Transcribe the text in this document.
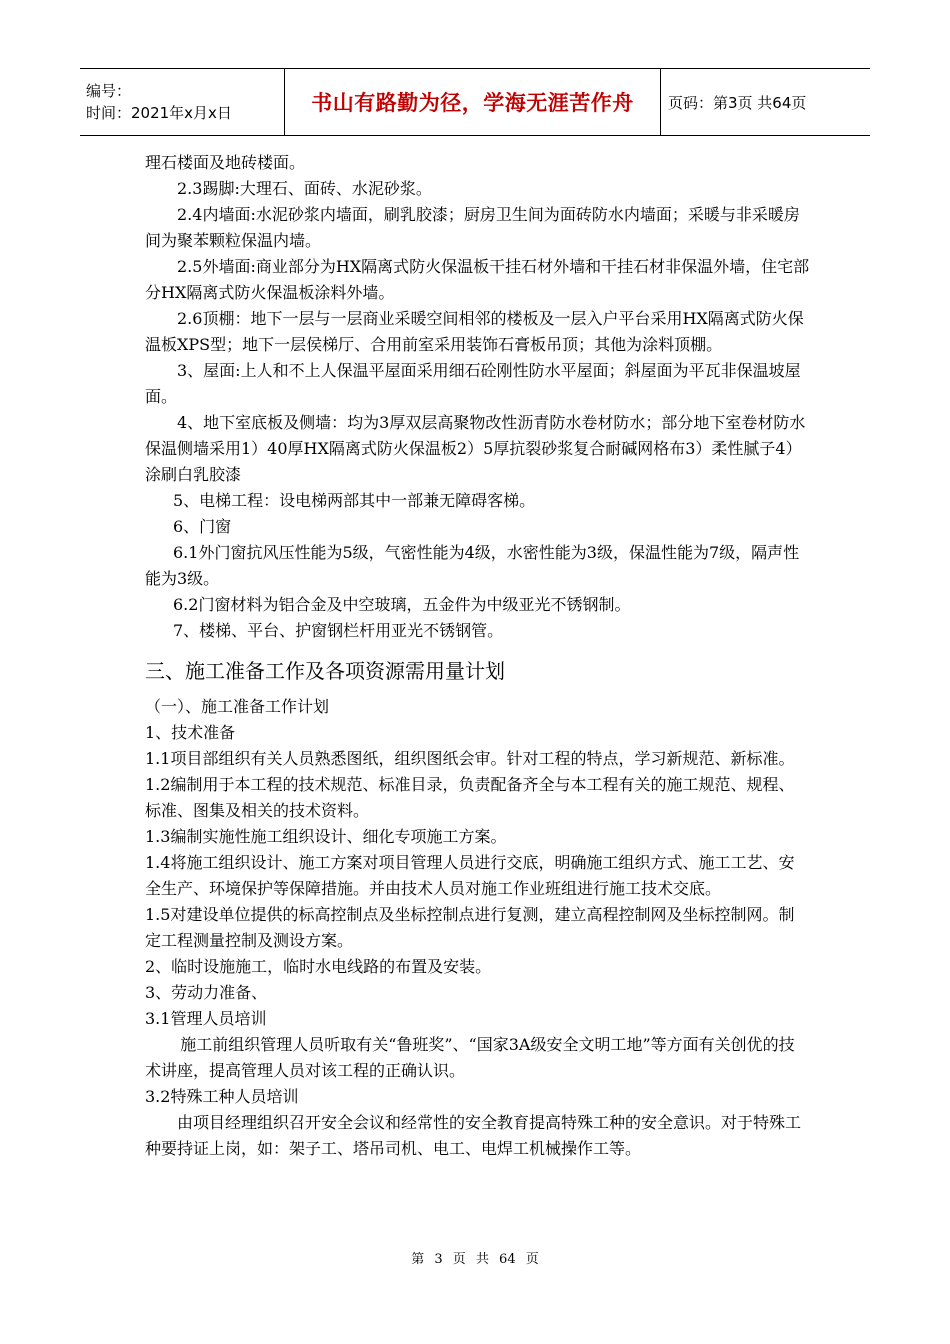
编号：
时间：2021年x月x日	书山有路勤为径，学海无涯苦作舟 页码：第3页 共64页

理石楼面及地砖楼面。

2.3踢脚:大理石、面砖、水泥砂浆。

2.4内墙面:水泥砂浆内墙面，刷乳胶漆；厨房卫生间为面砖防水内墙面；采暖与非采暖房间为聚苯颗粒保温内墙。

2.5外墙面:商业部分为HX隔离式防火保温板干挂石材外墙和干挂石材非保温外墙，住宅部分HX隔离式防火保温板涂料外墙。

2.6顶棚：地下一层与一层商业采暖空间相邻的楼板及一层入户平台采用HX隔离式防火保温板XPS型；地下一层侯梯厅、合用前室采用装饰石膏板吊顶；其他为涂料顶棚。

3、屋面:上人和不上人保温平屋面采用细石砼刚性防水平屋面；斜屋面为平瓦非保温坡屋面。

4、地下室底板及侧墙：均为3厚双层高聚物改性沥青防水卷材防水；部分地下室卷材防水保温侧墙采用1）40厚HX隔离式防火保温板2）5厚抗裂砂浆复合耐碱网格布3）柔性腻子4）涂刷白乳胶漆

5、电梯工程：设电梯两部其中一部兼无障碍客梯。

6、门窗

6.1外门窗抗风压性能为5级，气密性能为4级，水密性能为3级，保温性能为7级，隔声性能为3级。

6.2门窗材料为铝合金及中空玻璃，五金件为中级亚光不锈钢制。

7、楼梯、平台、护窗钢栏杆用亚光不锈钢管。

三、施工准备工作及各项资源需用量计划

（一）、施工准备工作计划

1、技术准备

1.1项目部组织有关人员熟悉图纸，组织图纸会审。针对工程的特点，学习新规范、新标准。

1.2编制用于本工程的技术规范、标准目录，负责配备齐全与本工程有关的施工规范、规程、标准、图集及相关的技术资料。

1.3编制实施性施工组织设计、细化专项施工方案。

1.4将施工组织设计、施工方案对项目管理人员进行交底，明确施工组织方式、施工工艺、安全生产、环境保护等保障措施。并由技术人员对施工作业班组进行施工技术交底。

1.5对建设单位提供的标高控制点及坐标控制点进行复测，建立高程控制网及坐标控制网。制定工程测量控制及测设方案。

2、临时设施施工，临时水电线路的布置及安装。

3、劳动力准备、

3.1管理人员培训

施工前组织管理人员听取有关“鲁班奖”、“国家3A级安全文明工地”等方面有关创优的技术讲座，提高管理人员对该工程的正确认识。

3.2特殊工种人员培训

由项目经理组织召开安全会议和经常性的安全教育提高特殊工种的安全意识。对于特殊工种要持证上岗，如：架子工、塔吊司机、电工、电焊工机械操作工等。

第 3 页 共 64 页
